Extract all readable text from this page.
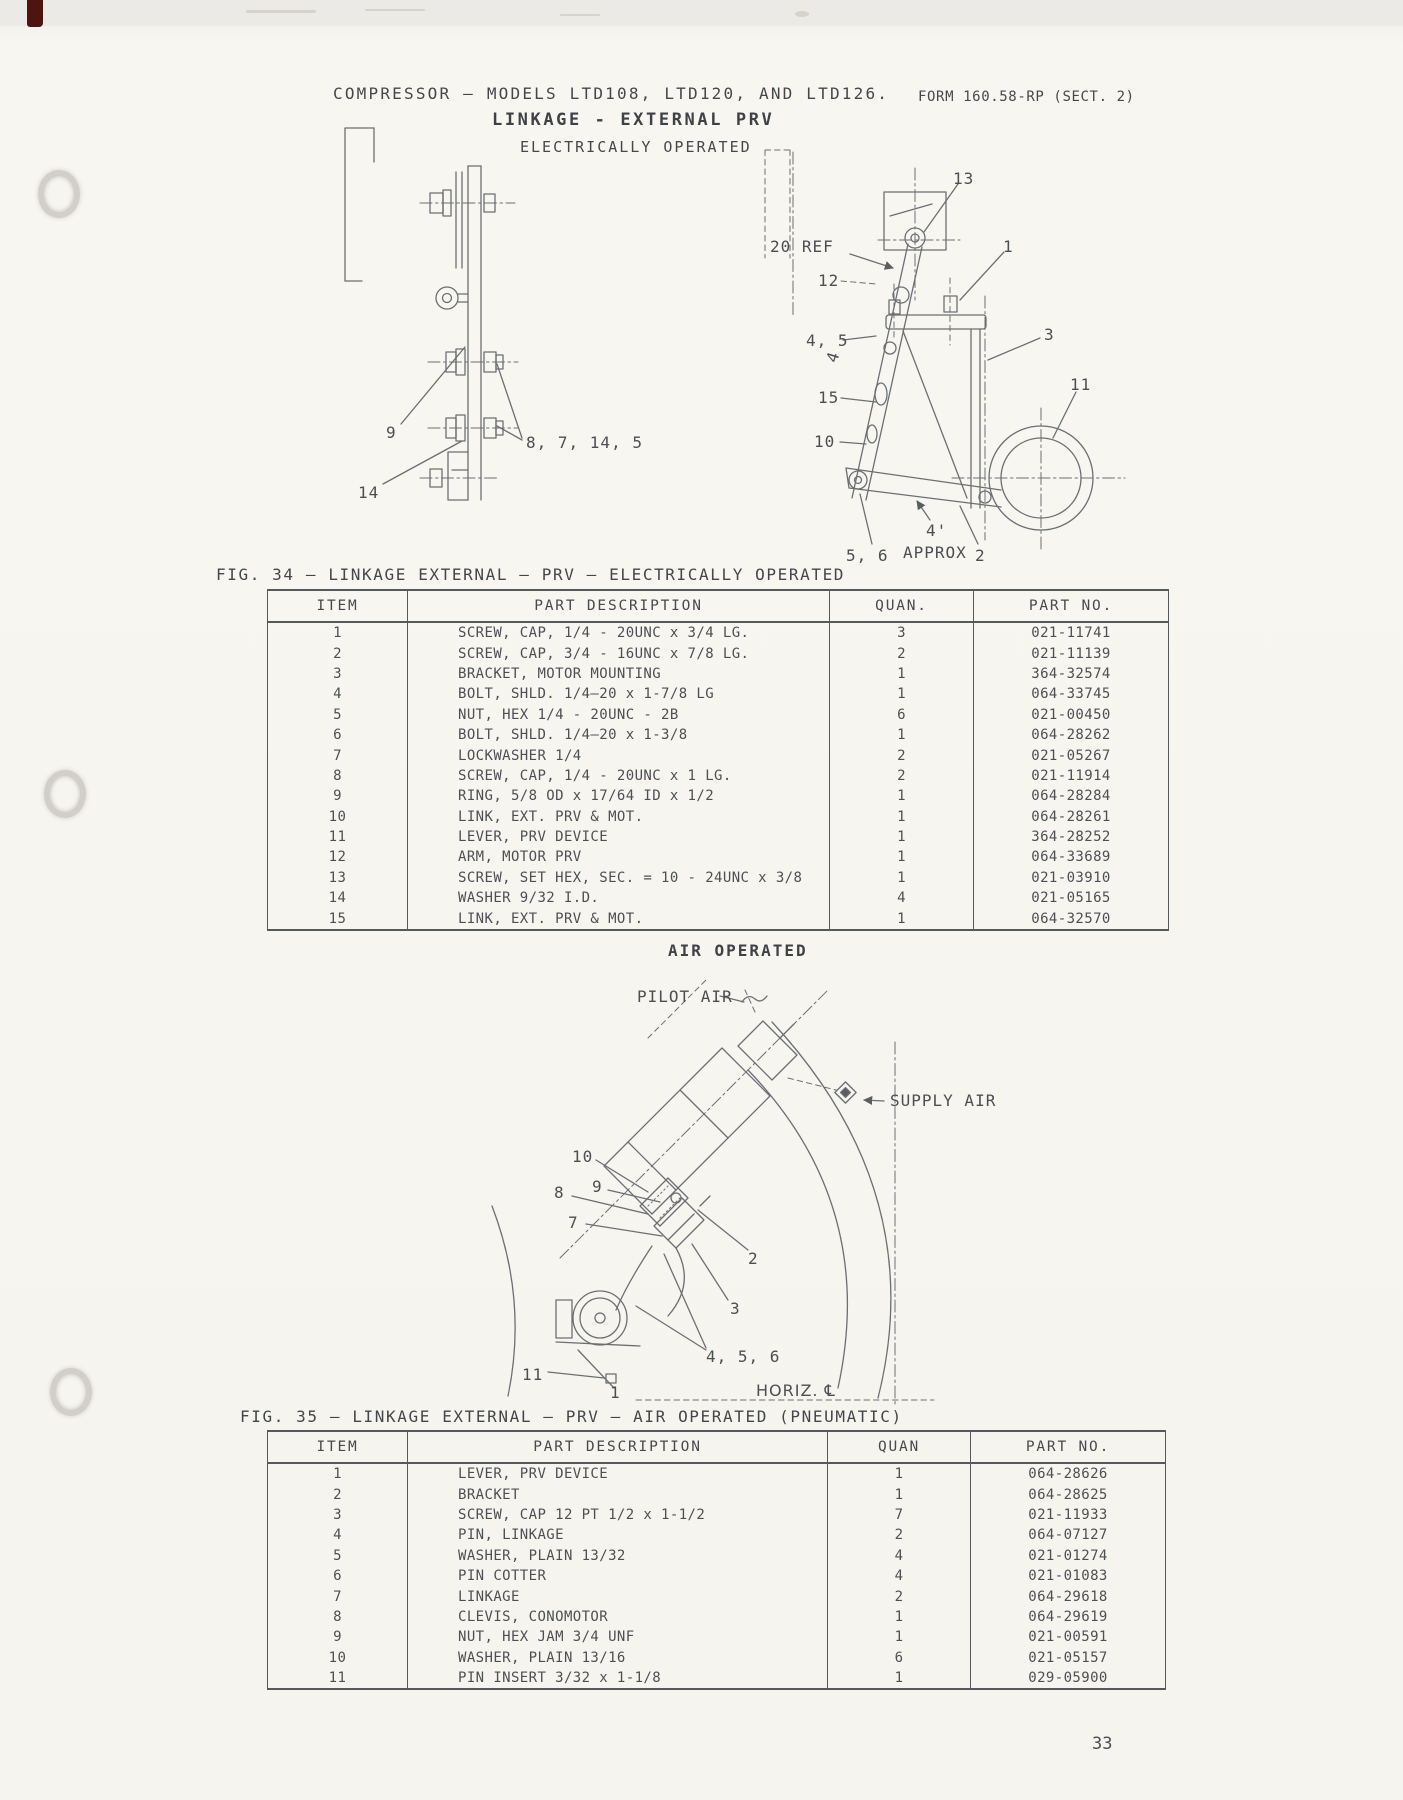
COMPRESSOR — MODELS LTD108, LTD120, AND LTD126. FORM 160.58-RP (SECT. 2)
LINKAGE - EXTERNAL PRV
ELECTRICALLY OPERATED
9
8, 7, 14, 5
14
13
20 REF
12
1
4, 5
4
3
15
10
11
4'
APPROX
5, 6	2
FIG. 34 — LINKAGE EXTERNAL – PRV – ELECTRICALLY OPERATED
ITEM	PART DESCRIPTION	QUAN.	PART NO.
1	SCREW, CAP, 1/4 - 20UNC x 3/4 LG.	3	021-11741
2	SCREW, CAP, 3/4 - 16UNC x 7/8 LG.	2	021-11139
3	BRACKET, MOTOR MOUNTING	1	364-32574
4	BOLT, SHLD. 1/4–20 x 1-7/8 LG	1	064-33745
5	NUT, HEX 1/4 - 20UNC - 2B	6	021-00450
6	BOLT, SHLD. 1/4–20 x 1-3/8	1	064-28262
7	LOCKWASHER 1/4	2	021-05267
8	SCREW, CAP, 1/4 - 20UNC x 1 LG.	2	021-11914
9	RING, 5/8 OD x 17/64 ID x 1/2	1	064-28284
10	LINK, EXT. PRV & MOT.	1	064-28261
11	LEVER, PRV DEVICE	1	364-28252
12	ARM, MOTOR PRV	1	064-33689
13	SCREW, SET HEX, SEC. = 10 - 24UNC x 3/8	1	021-03910
14	WASHER 9/32 I.D.	4	021-05165
15	LINK, EXT. PRV & MOT.	1	064-32570
AIR OPERATED
PILOT AIR
SUPPLY AIR
10
9
8
7
2
3
4, 5, 6
11
HORIZ. ℄
1
FIG. 35 — LINKAGE EXTERNAL – PRV – AIR OPERATED (PNEUMATIC)
ITEM	PART DESCRIPTION	QUAN	PART NO.
1	LEVER, PRV DEVICE	1	064-28626
2	BRACKET	1	064-28625
3	SCREW, CAP 12 PT 1/2 x 1-1/2	7	021-11933
4	PIN, LINKAGE	2	064-07127
5	WASHER, PLAIN 13/32	4	021-01274
6	PIN COTTER	4	021-01083
7	LINKAGE	2	064-29618
8	CLEVIS, CONOMOTOR	1	064-29619
9	NUT, HEX JAM 3/4 UNF	1	021-00591
10	WASHER, PLAIN 13/16	6	021-05157
11	PIN INSERT 3/32 x 1-1/8	1	029-05900
33
